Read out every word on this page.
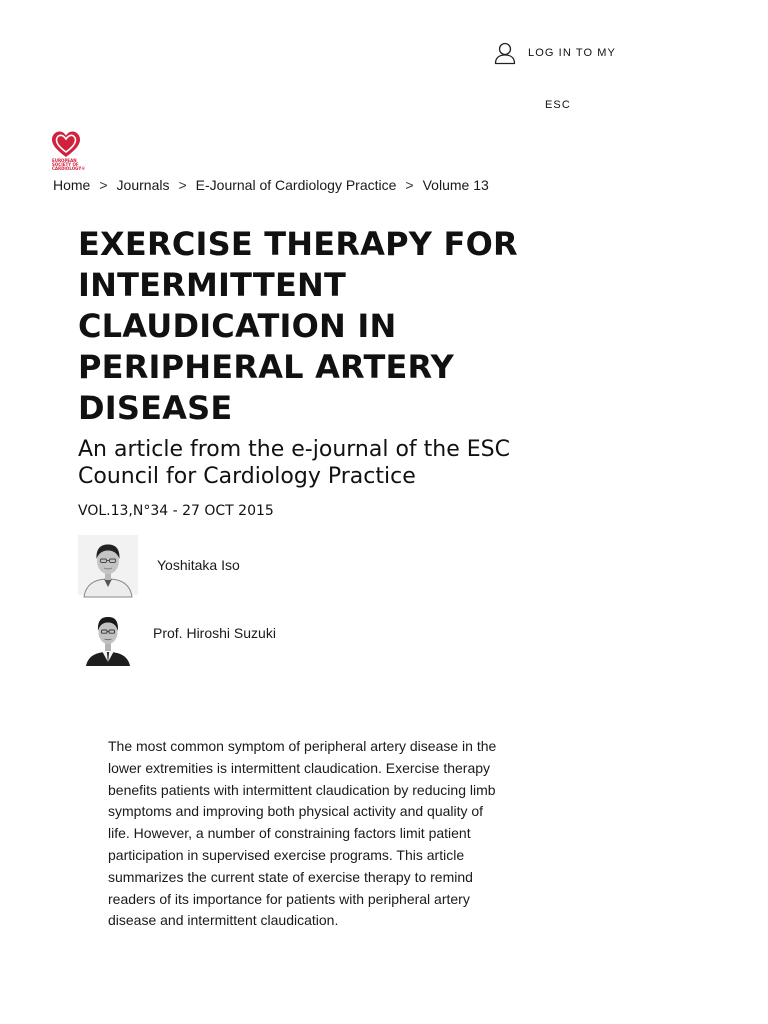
LOG IN TO MY
ESC
EUROPEAN
SOCIETY OF
CARDIOLOGY®
Home > Journals > E-Journal of Cardiology Practice > Volume 13
EXERCISE THERAPY FOR INTERMITTENT CLAUDICATION IN PERIPHERAL ARTERY DISEASE
An article from the e-journal of the ESC Council for Cardiology Practice
VOL.13,N°34 - 27 OCT 2015
Yoshitaka Iso
Prof. Hiroshi Suzuki

The most common symptom of peripheral artery disease in the lower extremities is intermittent claudication. Exercise therapy benefits patients with intermittent claudication by reducing limb symptoms and improving both physical activity and quality of life. However, a number of constraining factors limit patient participation in supervised exercise programs. This article summarizes the current state of exercise therapy to remind readers of its importance for patients with peripheral artery disease and intermittent claudication.
